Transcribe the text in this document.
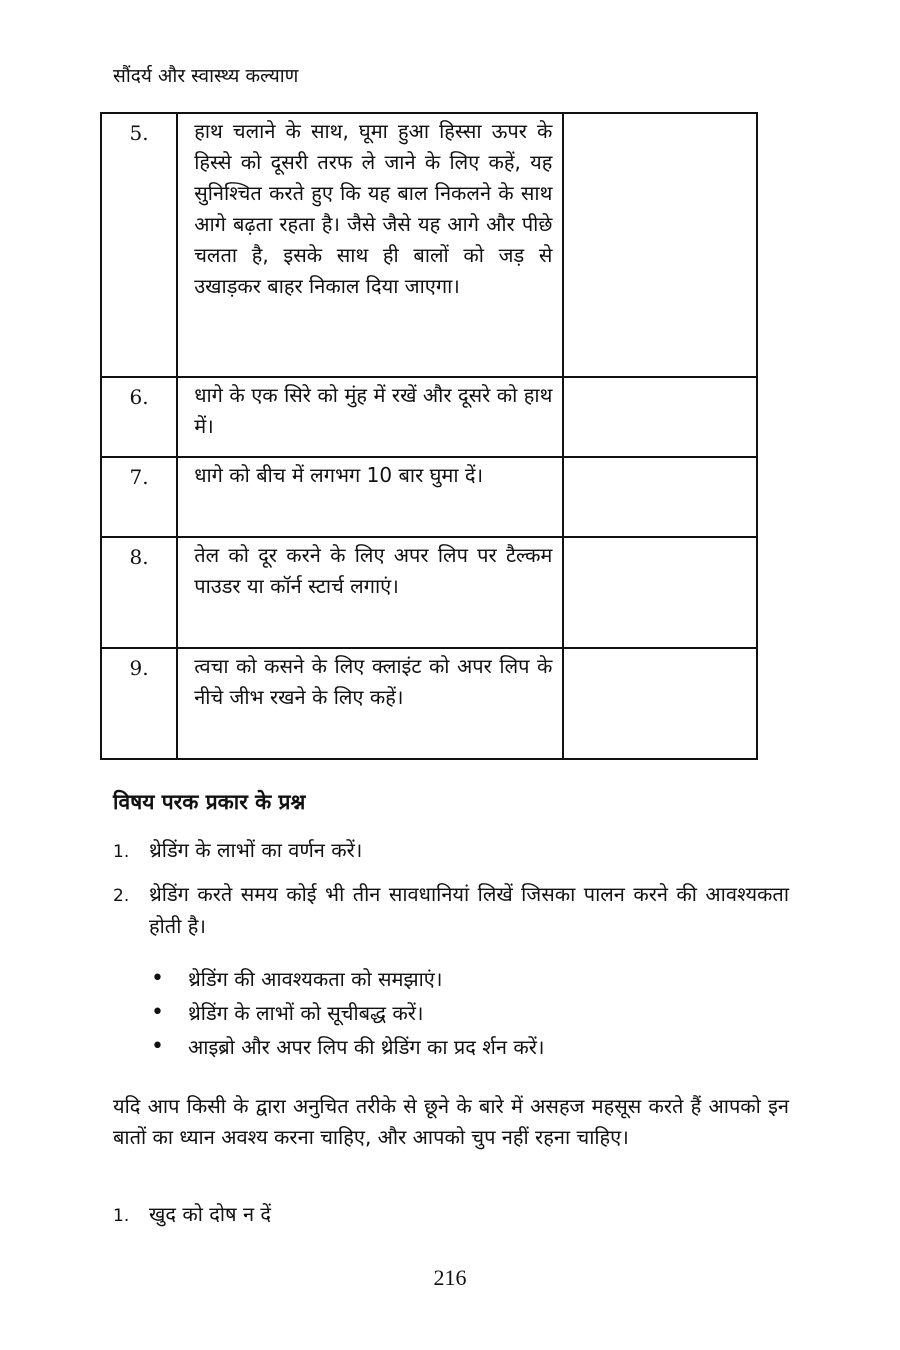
सौंदर्य और स्वास्थ्य कल्याण
5.	हाथ चलाने के साथ, घूमा हुआ हिस्सा ऊपर के हिस्से को दूसरी तरफ ले जाने के लिए कहें, यह सुनिश्चित करते हुए कि यह बाल निकलने के साथ आगे बढ़ता रहता है। जैसे जैसे यह आगे और पीछे चलता है, इसके साथ ही बालों को जड़ से उखाड़कर बाहर निकाल दिया जाएगा।	
6.	धागे के एक सिरे को मुंह में रखें और दूसरे को हाथ में।	
7.	धागे को बीच में लगभग 10 बार घुमा दें।	
8.	तेल को दूर करने के लिए अपर लिप पर टैल्कम पाउडर या कॉर्न स्टार्च लगाएं।	
9.	त्वचा को कसने के लिए क्लाइंट को अपर लिप के नीचे जीभ रखने के लिए कहें।	
विषय परक प्रकार के प्रश्न
1. थ्रेडिंग के लाभों का वर्णन करें।
2. थ्रेडिंग करते समय कोई भी तीन सावधानियां लिखें जिसका पालन करने की आवश्यकता होती है।
• थ्रेडिंग की आवश्यकता को समझाएं।
• थ्रेडिंग के लाभों को सूचीबद्ध करें।
• आइब्रो और अपर लिप की थ्रेडिंग का प्रद र्शन करें।
यदि आप किसी के द्वारा अनुचित तरीके से छूने के बारे में असहज महसूस करते हैं आपको इन बातों का ध्यान अवश्य करना चाहिए, और आपको चुप नहीं रहना चाहिए।
1. खुद को दोष न दें
216
